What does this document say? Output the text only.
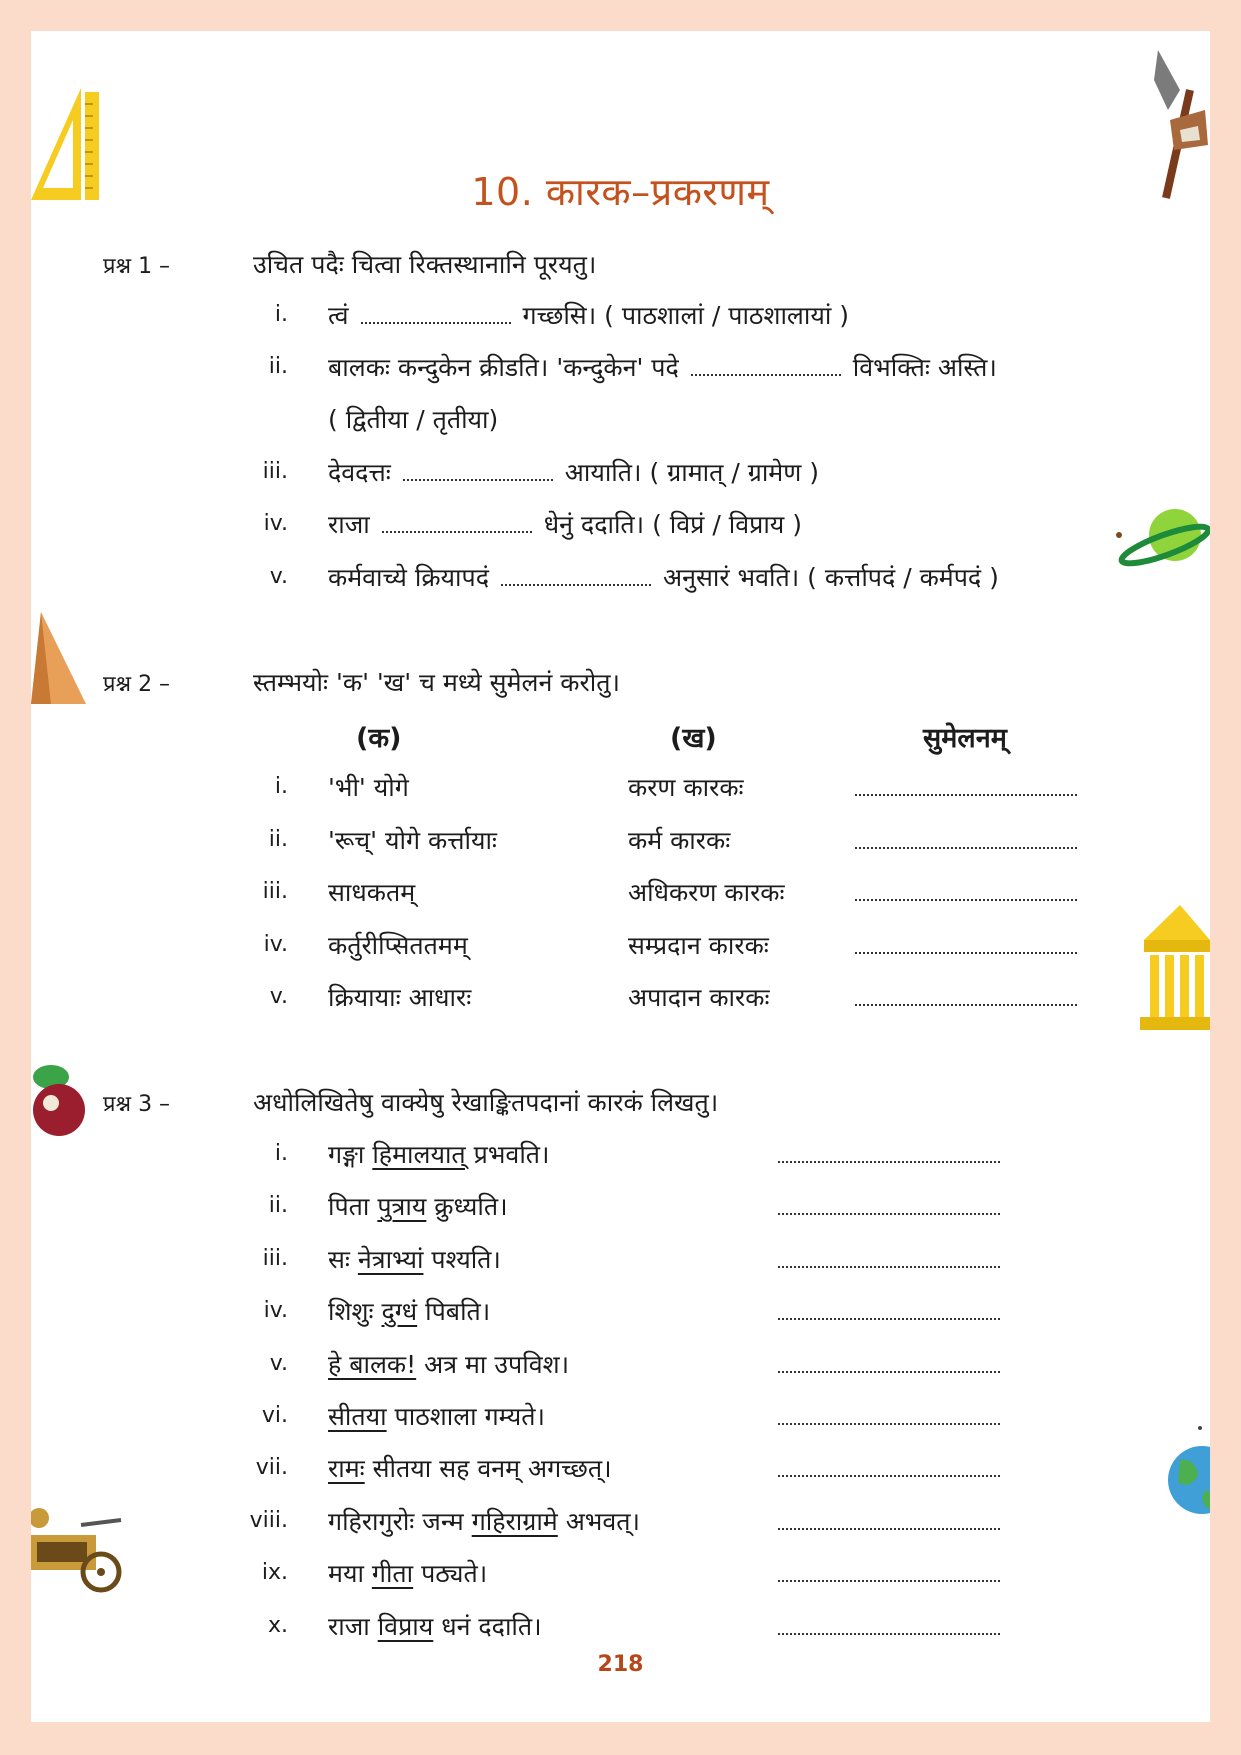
10. कारक–प्रकरणम्
प्रश्न 1 –	उचित पदैः चित्वा रिक्तस्थानानि पूरयतु।
i. त्वं	गच्छसि। ( पाठशालां / पाठशालायां )
ii. बालकः कन्दुकेन क्रीडति। 'कन्दुकेन' पदे	विभक्तिः अस्ति।
( द्वितीया / तृतीया)
iii. देवदत्तः	आयाति। ( ग्रामात् / ग्रामेण )
iv. राजा	धेनुं ददाति। ( विप्रं / विप्राय )
v. कर्मवाच्ये क्रियापदं	अनुसारं भवति। ( कर्त्तापदं / कर्मपदं )
प्रश्न 2 –	स्तम्भयोः 'क' 'ख' च मध्ये सुमेलनं करोतु।
(क)	(ख)	सुमेलनम्
i. 'भी' योगे	करण कारकः
ii. 'रूच्' योगे कर्त्तायाः	कर्म कारकः
iii. साधकतम्	अधिकरण कारकः
iv. कर्तुरीप्सिततमम्	सम्प्रदान कारकः
v. क्रियायाः आधारः	अपादान कारकः
प्रश्न 3 –	अधोलिखितेषु वाक्येषु रेखाङ्कितपदानां कारकं लिखतु।
i. गङ्गा हिमालयात् प्रभवति।
ii. पिता पुत्राय क्रुध्यति।
iii. सः नेत्राभ्यां पश्यति।
iv. शिशुः दुग्धं पिबति।
v. हे बालक! अत्र मा उपविश।
vi. सीतया पाठशाला गम्यते।
vii. रामः सीतया सह वनम् अगच्छत्।
viii. गहिरागुरोः जन्म गहिराग्रामे अभवत्।
ix. मया गीता पठ्यते।
x. राजा विप्राय धनं ददाति।
218
